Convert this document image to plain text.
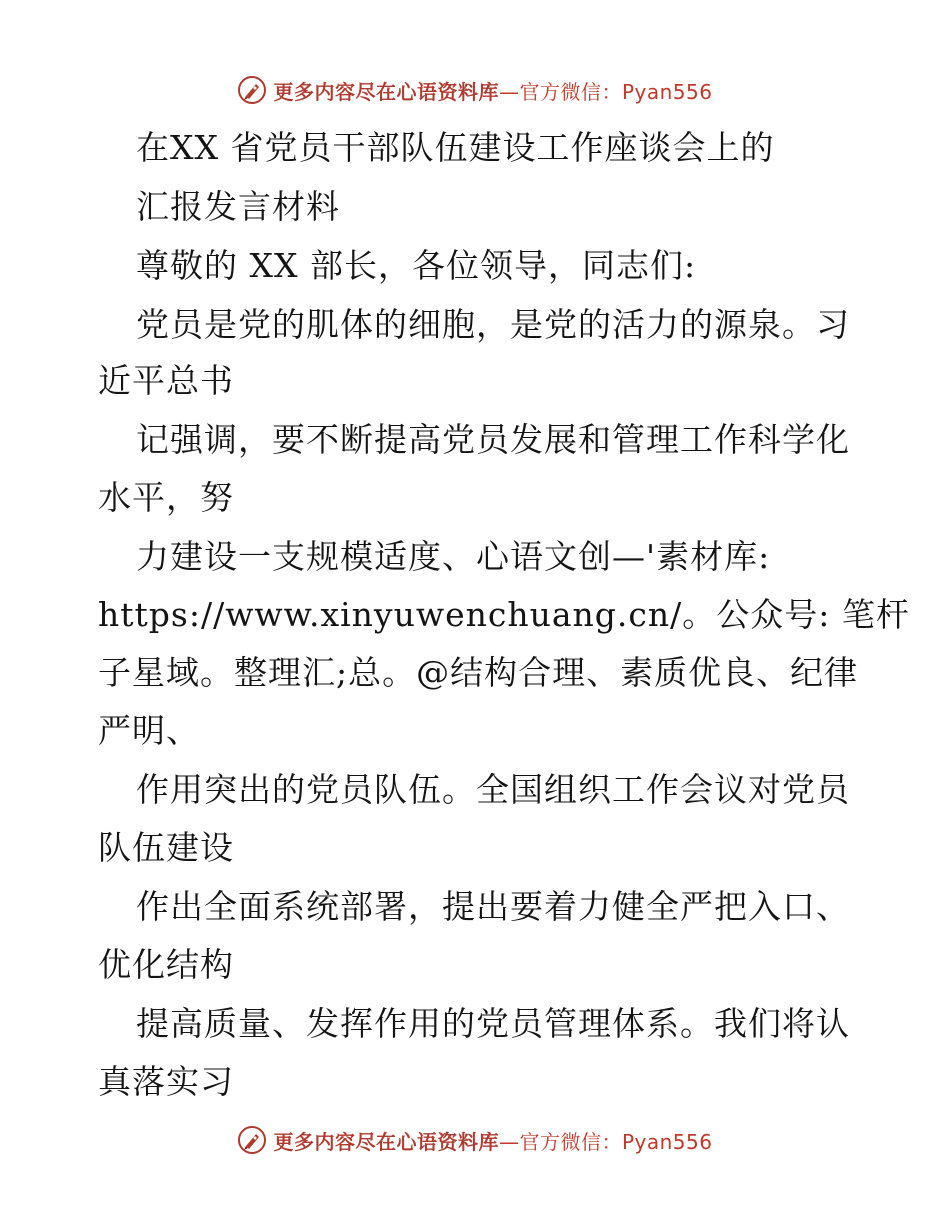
更多内容尽在心语资料库—官方微信：Pyan556
在XX 省党员干部队伍建设工作座谈会上的
汇报发言材料
尊敬的 XX 部长，各位领导，同志们:
党员是党的肌体的细胞，是党的活力的源泉。习
近平总书
记强调，要不断提高党员发展和管理工作科学化
水平，努
力建设一支规模适度、心语文创—'素材库:
https://www.xinyuwenchuang.cn/。公众号: 笔杆
子星域。整理汇;总。@结构合理、素质优良、纪律
严明、
作用突出的党员队伍。全国组织工作会议对党员
队伍建设
作出全面系统部署，提出要着力健全严把入口、
优化结构
提高质量、发挥作用的党员管理体系。我们将认
真落实习
更多内容尽在心语资料库—官方微信：Pyan556
